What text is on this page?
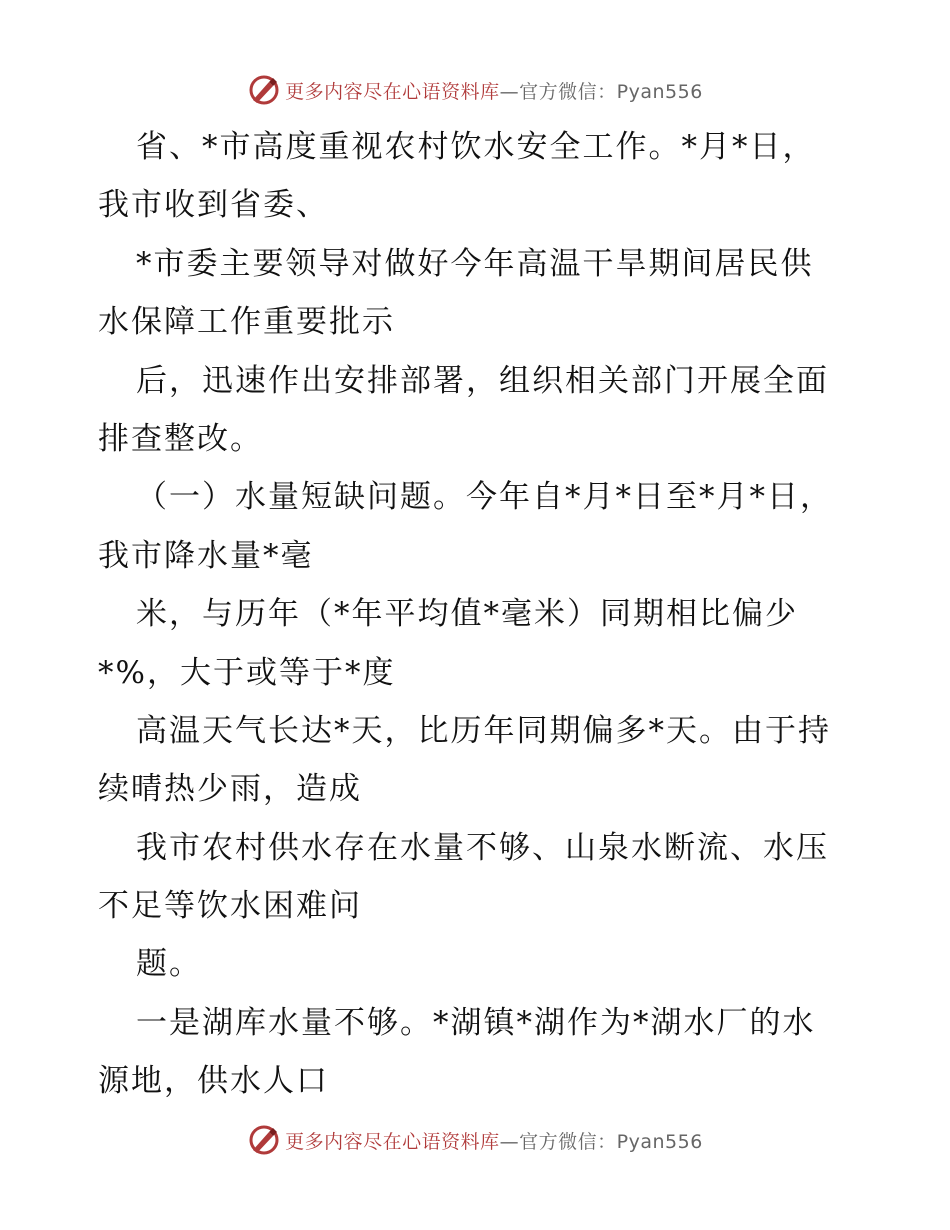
更多内容尽在心语资料库—官方微信：Pyan556
省、*市高度重视农村饮水安全工作。*月*日，
我市收到省委、
*市委主要领导对做好今年高温干旱期间居民供
水保障工作重要批示
后，迅速作出安排部署，组织相关部门开展全面
排查整改。
（一）水量短缺问题。今年自*月*日至*月*日，
我市降水量*毫
米，与历年（*年平均值*毫米）同期相比偏少
*%，大于或等于*度
高温天气长达*天，比历年同期偏多*天。由于持
续晴热少雨，造成
我市农村供水存在水量不够、山泉水断流、水压
不足等饮水困难问
题。
一是湖库水量不够。*湖镇*湖作为*湖水厂的水
源地，供水人口
更多内容尽在心语资料库—官方微信：Pyan556
